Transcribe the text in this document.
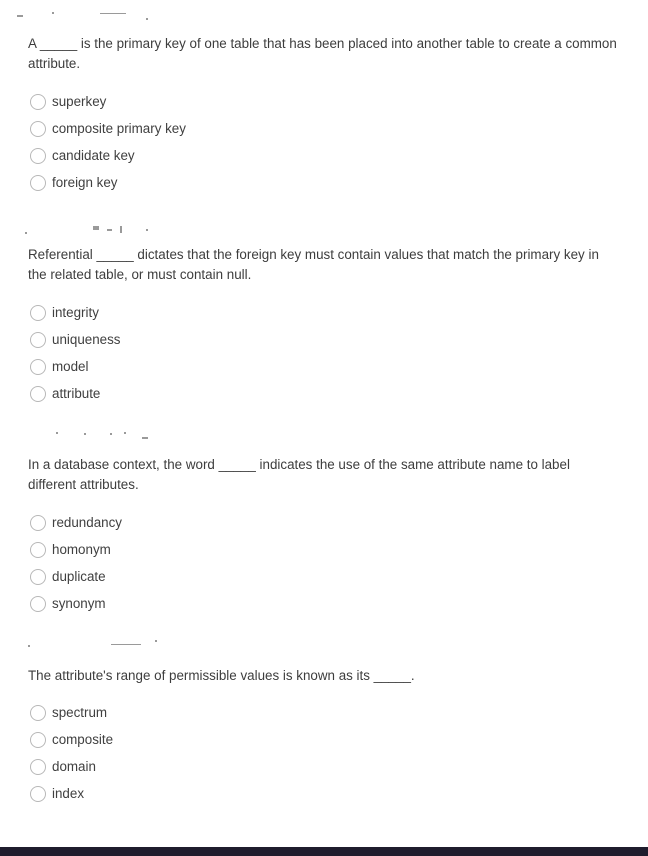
A _____ is the primary key of one table that has been placed into another table to create a common attribute.
superkey
composite primary key
candidate key
foreign key
Referential _____ dictates that the foreign key must contain values that match the primary key in the related table, or must contain null.
integrity
uniqueness
model
attribute
In a database context, the word _____ indicates the use of the same attribute name to label different attributes.
redundancy
homonym
duplicate
synonym
The attribute's range of permissible values is known as its _____.
spectrum
composite
domain
index
